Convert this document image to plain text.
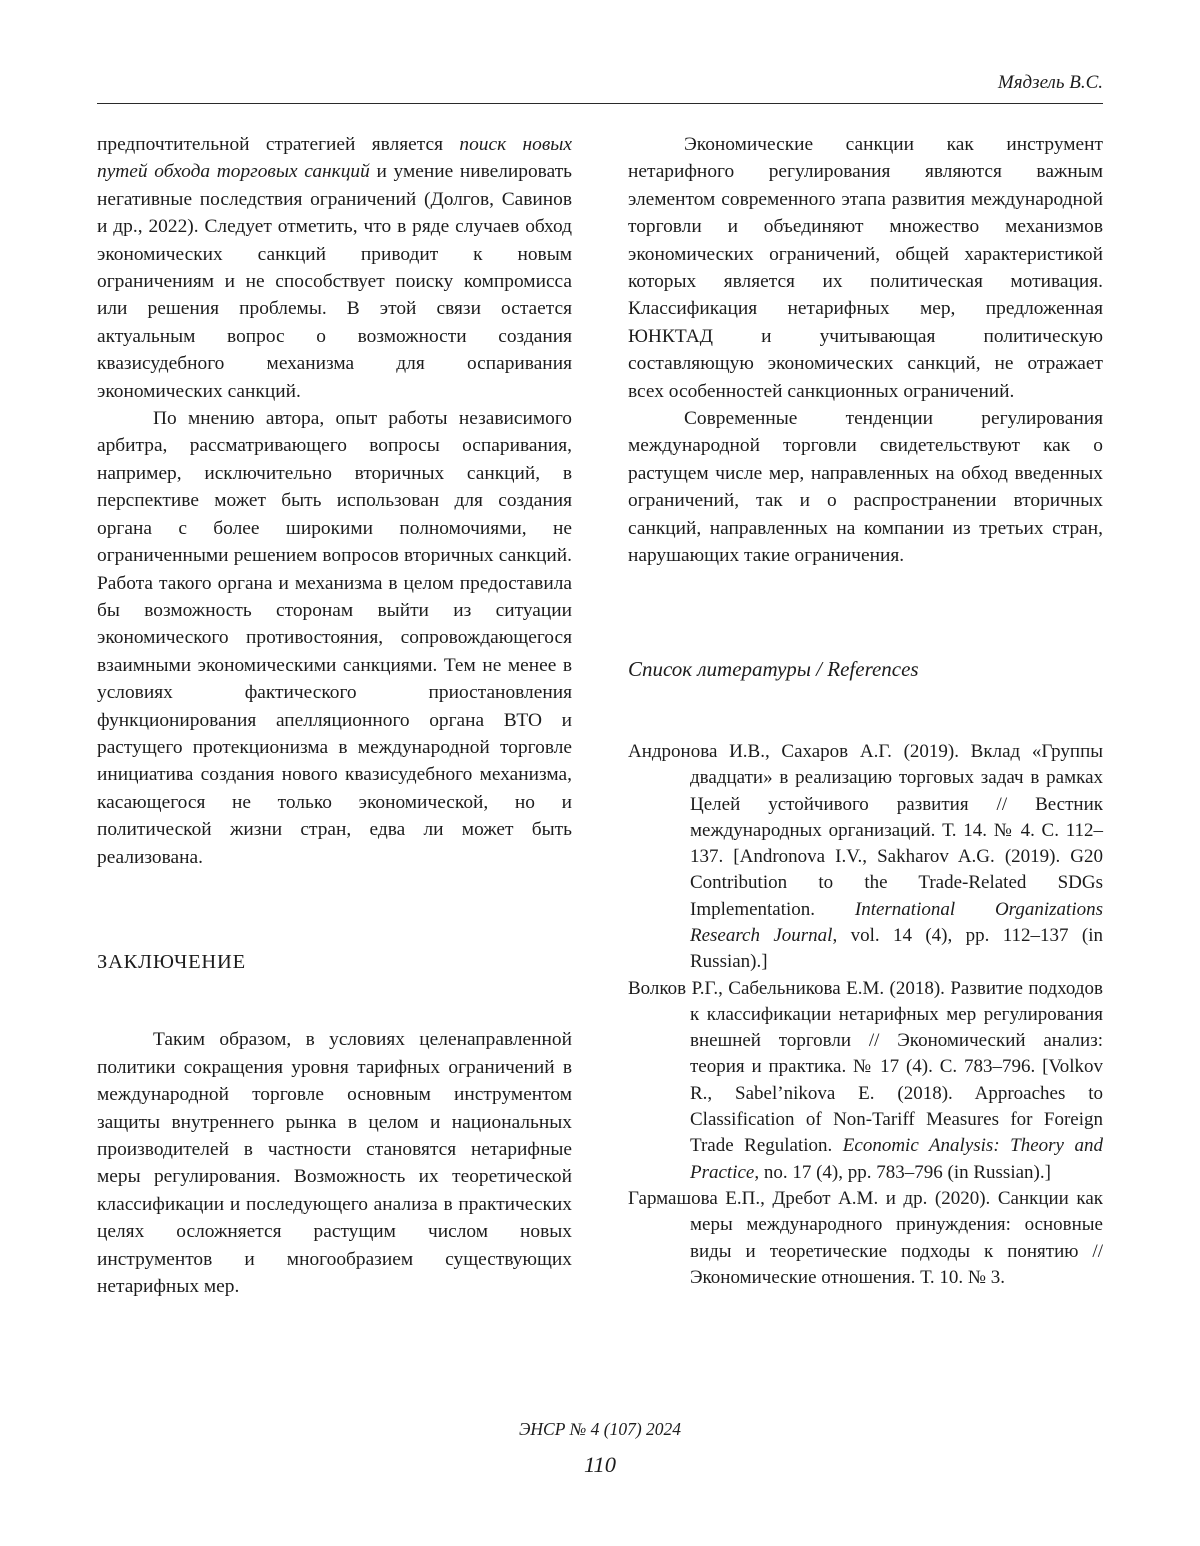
Мядзель В.С.

предпочтительной стратегией является поиск новых путей обхода торговых санкций и умение нивелировать негативные последствия ограничений (Долгов, Савинов и др., 2022). Следует отметить, что в ряде случаев обход экономических санкций приводит к новым ограничениям и не способствует поиску компромисса или решения проблемы. В этой связи остается актуальным вопрос о возможности создания квазисудебного механизма для оспаривания экономических санкций.

По мнению автора, опыт работы независимого арбитра, рассматривающего вопросы оспаривания, например, исключительно вторичных санкций, в перспективе может быть использован для создания органа с более широкими полномочиями, не ограниченными решением вопросов вторичных санкций. Работа такого органа и механизма в целом предоставила бы возможность сторонам выйти из ситуации экономического противостояния, сопровождающегося взаимными экономическими санкциями. Тем не менее в условиях фактического приостановления функционирования апелляционного органа ВТО и растущего протекционизма в международной торговле инициатива создания нового квазисудебного механизма, касающегося не только экономической, но и политической жизни стран, едва ли может быть реализована.

ЗАКЛЮЧЕНИЕ

Таким образом, в условиях целенаправленной политики сокращения уровня тарифных ограничений в международной торговле основным инструментом защиты внутреннего рынка в целом и национальных производителей в частности становятся нетарифные меры регулирования. Возможность их теоретической классификации и последующего анализа в практических целях осложняется растущим числом новых инструментов и многообразием существующих нетарифных мер.

Экономические санкции как инструмент нетарифного регулирования являются важным элементом современного этапа развития международной торговли и объединяют множество механизмов экономических ограничений, общей характеристикой которых является их политическая мотивация. Классификация нетарифных мер, предложенная ЮНКТАД и учитывающая политическую составляющую экономических санкций, не отражает всех особенностей санкционных ограничений.

Современные тенденции регулирования международной торговли свидетельствуют как о растущем числе мер, направленных на обход введенных ограничений, так и о распространении вторичных санкций, направленных на компании из третьих стран, нарушающих такие ограничения.

Список литературы / References

Андронова И.В., Сахаров А.Г. (2019). Вклад «Группы двадцати» в реализацию торговых задач в рамках Целей устойчивого развития // Вестник международных организаций. Т. 14. № 4. С. 112–137. [Andronova I.V., Sakharov A.G. (2019). G20 Contribution to the Trade-Related SDGs Implementation. International Organizations Research Journal, vol. 14 (4), pp. 112–137 (in Russian).]

Волков Р.Г., Сабельникова Е.М. (2018). Развитие подходов к классификации нетарифных мер регулирования внешней торговли // Экономический анализ: теория и практика. № 17 (4). С. 783–796. [Volkov R., Sabel’nikova E. (2018). Approaches to Classification of Non-Tariff Measures for Foreign Trade Regulation. Economic Analysis: Theory and Practice, no. 17 (4), pp. 783–796 (in Russian).]

Гармашова Е.П., Дребот А.М. и др. (2020). Санкции как меры международного принуждения: основные виды и теоретические подходы к понятию // Экономические отношения. Т. 10. № 3.

ЭНСР № 4 (107) 2024
110
